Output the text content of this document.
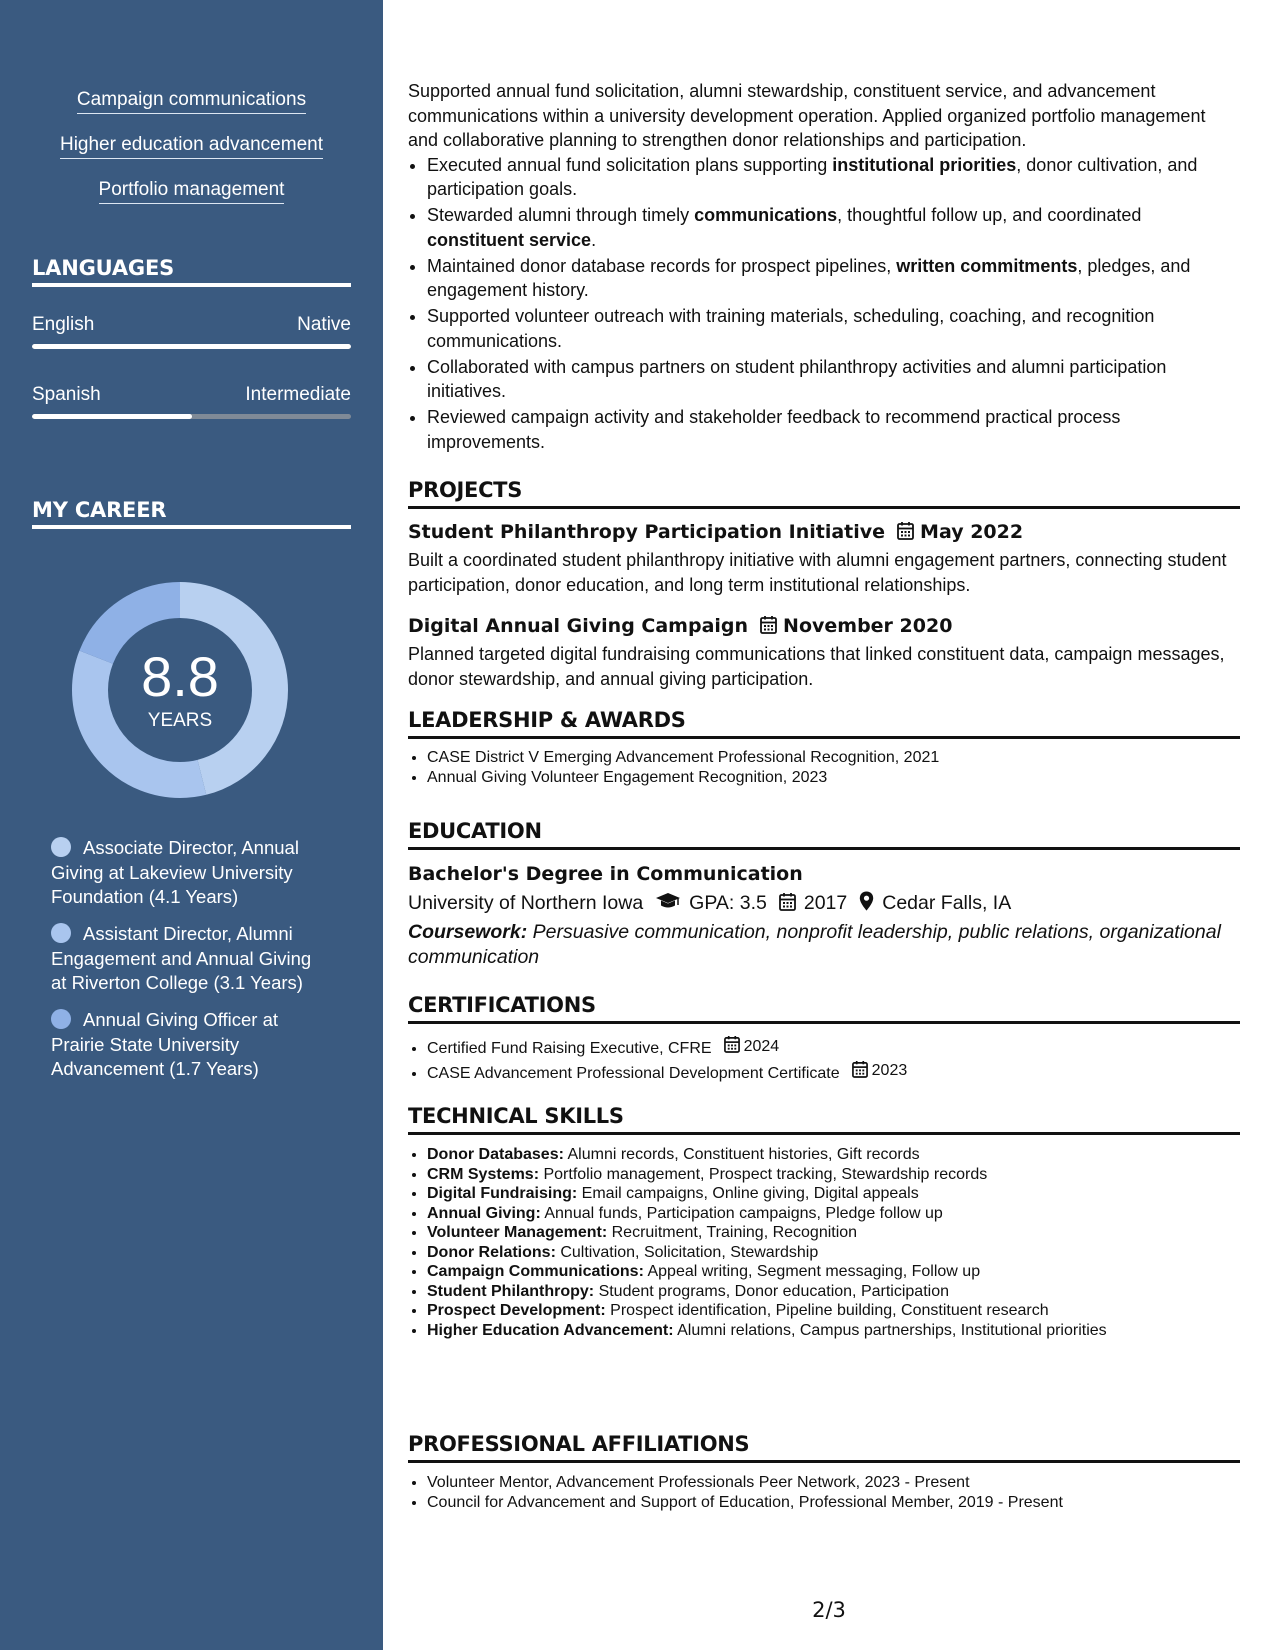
Campaign communications
Higher education advancement
Portfolio management
LANGUAGES
English	Native
Spanish	Intermediate
MY CAREER
8.8
YEARS
Associate Director, Annual Giving at Lakeview University Foundation (4.1 Years)
Assistant Director, Alumni Engagement and Annual Giving at Riverton College (3.1 Years)
Annual Giving Officer at Prairie State University Advancement (1.7 Years)

Supported annual fund solicitation, alumni stewardship, constituent service, and advancement communications within a university development operation. Applied organized portfolio management and collaborative planning to strengthen donor relationships and participation.

• Executed annual fund solicitation plans supporting institutional priorities, donor cultivation, and participation goals.
• Stewarded alumni through timely communications, thoughtful follow up, and coordinated constituent service.
• Maintained donor database records for prospect pipelines, written commitments, pledges, and engagement history.
• Supported volunteer outreach with training materials, scheduling, coaching, and recognition communications.
• Collaborated with campus partners on student philanthropy activities and alumni participation initiatives.
• Reviewed campaign activity and stakeholder feedback to recommend practical process improvements.
PROJECTS
Student Philanthropy Participation Initiative May 2022

Built a coordinated student philanthropy initiative with alumni engagement partners, connecting student participation, donor education, and long term institutional relationships.

Digital Annual Giving Campaign November 2020

Planned targeted digital fundraising communications that linked constituent data, campaign messages, donor stewardship, and annual giving participation.

LEADERSHIP & AWARDS
• CASE District V Emerging Advancement Professional Recognition, 2021
• Annual Giving Volunteer Engagement Recognition, 2023
EDUCATION
Bachelor's Degree in Communication
University of Northern Iowa GPA: 3.5 2017 Cedar Falls, IA

Coursework: Persuasive communication, nonprofit leadership, public relations, organizational communication

CERTIFICATIONS
• Certified Fund Raising Executive, CFRE 2024
• CASE Advancement Professional Development Certificate 2023
TECHNICAL SKILLS
• Donor Databases: Alumni records, Constituent histories, Gift records
• CRM Systems: Portfolio management, Prospect tracking, Stewardship records
• Digital Fundraising: Email campaigns, Online giving, Digital appeals
• Annual Giving: Annual funds, Participation campaigns, Pledge follow up
• Volunteer Management: Recruitment, Training, Recognition
• Donor Relations: Cultivation, Solicitation, Stewardship
• Campaign Communications: Appeal writing, Segment messaging, Follow up
• Student Philanthropy: Student programs, Donor education, Participation
• Prospect Development: Prospect identification, Pipeline building, Constituent research
• Higher Education Advancement: Alumni relations, Campus partnerships, Institutional priorities
PROFESSIONAL AFFILIATIONS
• Volunteer Mentor, Advancement Professionals Peer Network, 2023 - Present
• Council for Advancement and Support of Education, Professional Member, 2019 - Present
2/3
